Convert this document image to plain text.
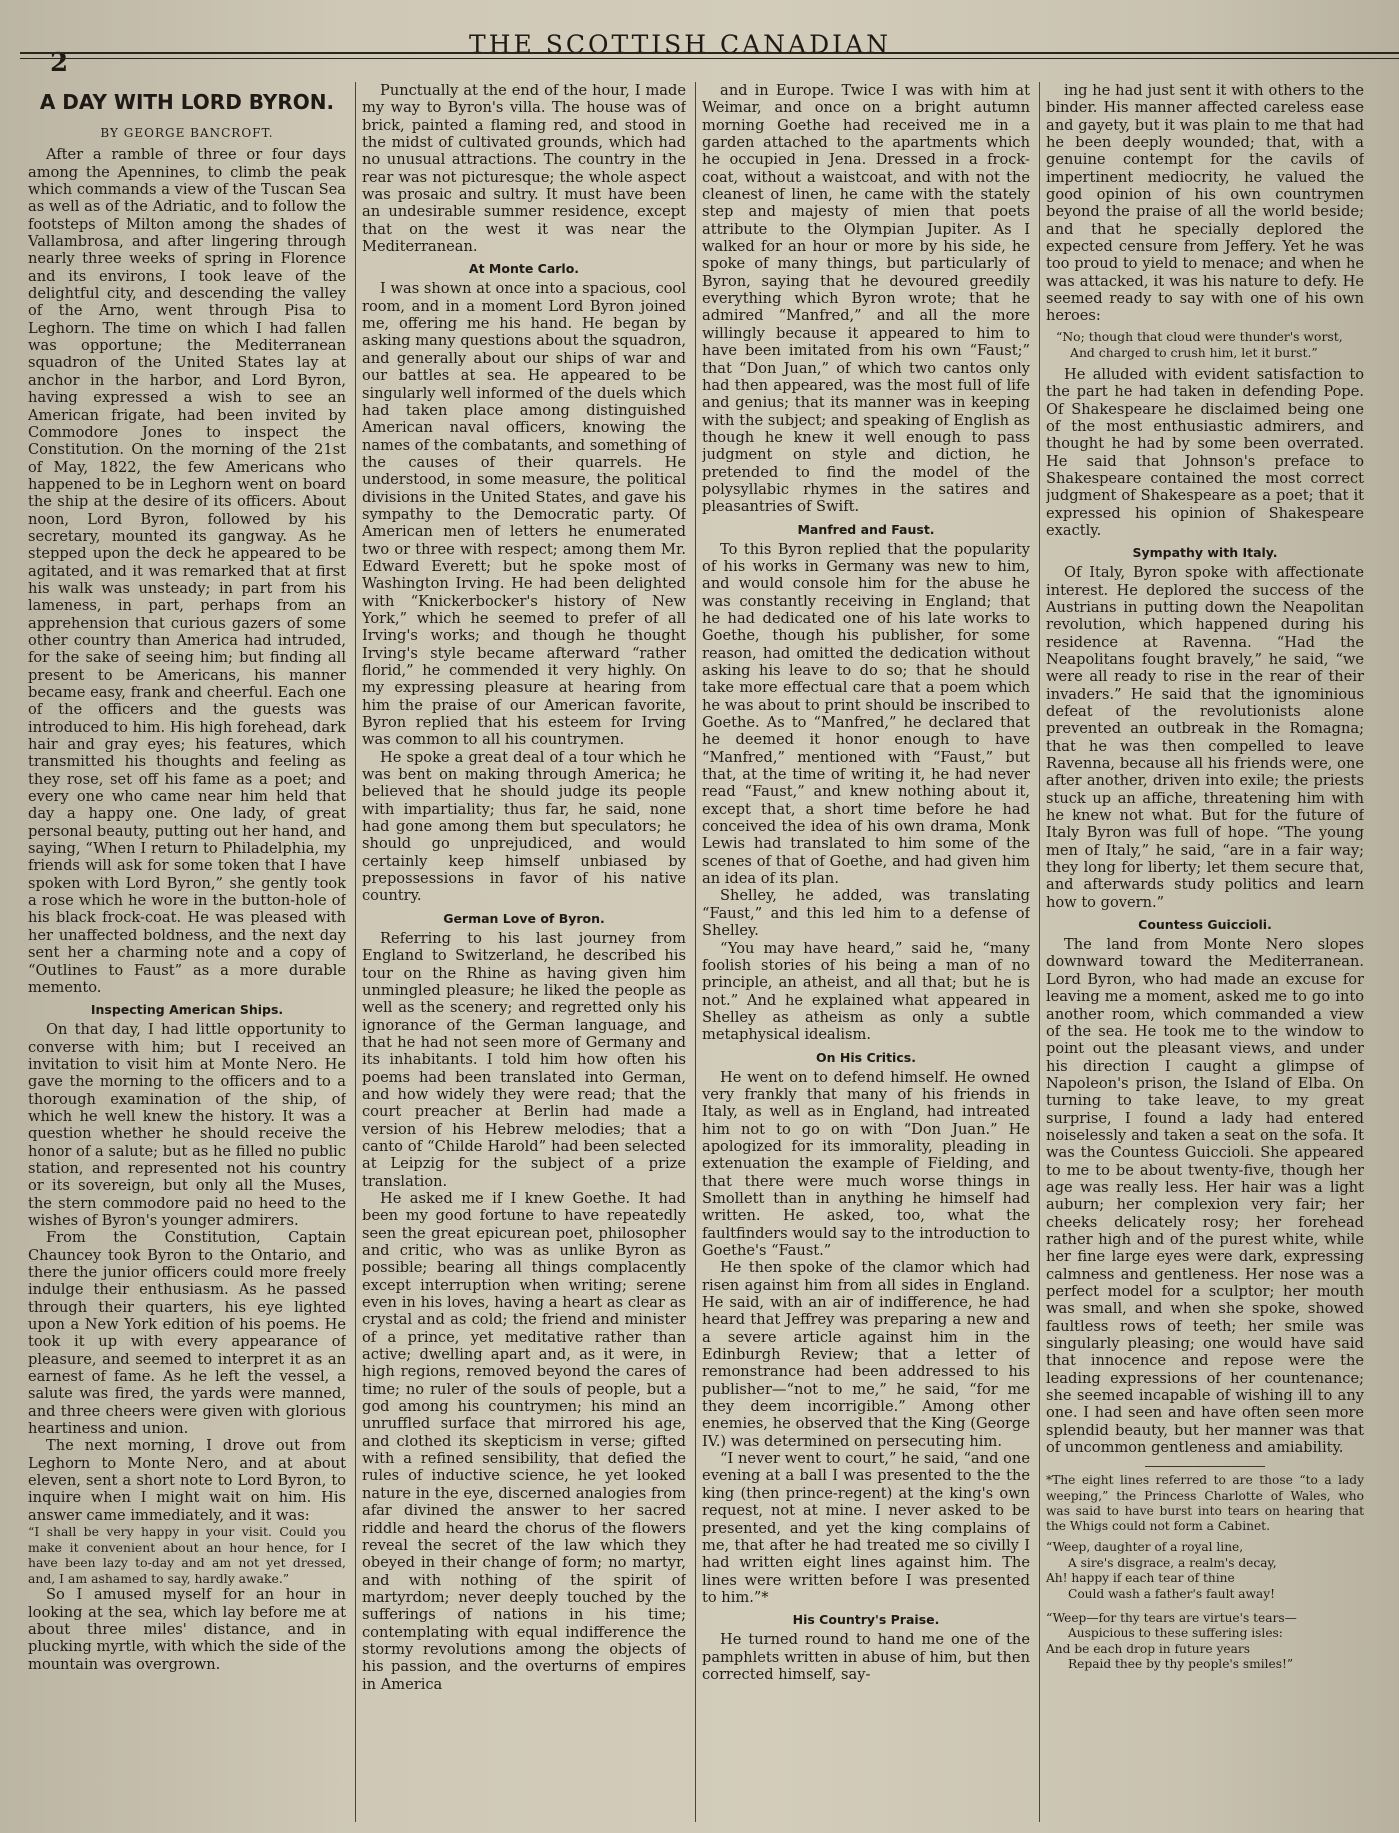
2
THE SCOTTISH CANADIAN
A DAY WITH LORD BYRON.
BY GEORGE BANCROFT.

After a ramble of three or four days among the Apennines, to climb the peak which commands a view of the Tuscan Sea as well as of the Adriatic, and to follow the footsteps of Milton among the shades of Vallambrosa, and after lingering through nearly three weeks of spring in Florence and its environs, I took leave of the delightful city, and descending the valley of the Arno, went through Pisa to Leghorn. The time on which I had fallen was opportune; the Mediterranean squadron of the United States lay at anchor in the harbor, and Lord Byron, having expressed a wish to see an American frigate, had been invited by Commodore Jones to inspect the Constitution. On the morning of the 21st of May, 1822, the few Americans who happened to be in Leghorn went on board the ship at the desire of its officers. About noon, Lord Byron, followed by his secretary, mounted its gangway. As he stepped upon the deck he appeared to be agitated, and it was remarked that at first his walk was unsteady; in part from his lameness, in part, perhaps from an apprehension that curious gazers of some other country than America had intruded, for the sake of seeing him; but finding all present to be Americans, his manner became easy, frank and cheerful. Each one of the officers and the guests was introduced to him. His high forehead, dark hair and gray eyes; his features, which transmitted his thoughts and feeling as they rose, set off his fame as a poet; and every one who came near him held that day a happy one. One lady, of great personal beauty, putting out her hand, and saying, “When I return to Philadelphia, my friends will ask for some token that I have spoken with Lord Byron,” she gently took a rose which he wore in the button-hole of his black frock-coat. He was pleased with her unaffected boldness, and the next day sent her a charming note and a copy of “Outlines to Faust” as a more durable memento.

Inspecting American Ships.

On that day, I had little opportunity to converse with him; but I received an invitation to visit him at Monte Nero. He gave the morning to the officers and to a thorough examination of the ship, of which he well knew the history. It was a question whether he should receive the honor of a salute; but as he filled no public station, and represented not his country or its sovereign, but only all the Muses, the stern commodore paid no heed to the wishes of Byron's younger admirers.

From the Constitution, Captain Chauncey took Byron to the Ontario, and there the junior officers could more freely indulge their enthusiasm. As he passed through their quarters, his eye lighted upon a New York edition of his poems. He took it up with every appearance of pleasure, and seemed to interpret it as an earnest of fame. As he left the vessel, a salute was fired, the yards were manned, and three cheers were given with glorious heartiness and union.

The next morning, I drove out from Leghorn to Monte Nero, and at about eleven, sent a short note to Lord Byron, to inquire when I might wait on him. His answer came immediately, and it was:

“I shall be very happy in your visit. Could you make it convenient about an hour hence, for I have been lazy to-day and am not yet dressed, and, I am ashamed to say, hardly awake.”

So I amused myself for an hour in looking at the sea, which lay before me at about three miles' distance, and in plucking myrtle, with which the side of the mountain was overgrown.

Punctually at the end of the hour, I made my way to Byron's villa. The house was of brick, painted a flaming red, and stood in the midst of cultivated grounds, which had no unusual attractions. The country in the rear was not picturesque; the whole aspect was prosaic and sultry. It must have been an undesirable summer residence, except that on the west it was near the Mediterranean.

At Monte Carlo.

I was shown at once into a spacious, cool room, and in a moment Lord Byron joined me, offering me his hand. He began by asking many questions about the squadron, and generally about our ships of war and our battles at sea. He appeared to be singularly well informed of the duels which had taken place among distinguished American naval officers, knowing the names of the combatants, and something of the causes of their quarrels. He understood, in some measure, the political divisions in the United States, and gave his sympathy to the Democratic party. Of American men of letters he enumerated two or three with respect; among them Mr. Edward Everett; but he spoke most of Washington Irving. He had been delighted with “Knickerbocker's history of New York,” which he seemed to prefer of all Irving's works; and though he thought Irving's style became afterward “rather florid,” he commended it very highly. On my expressing pleasure at hearing from him the praise of our American favorite, Byron replied that his esteem for Irving was common to all his countrymen.

He spoke a great deal of a tour which he was bent on making through America; he believed that he should judge its people with impartiality; thus far, he said, none had gone among them but speculators; he should go unprejudiced, and would certainly keep himself unbiased by prepossessions in favor of his native country.

German Love of Byron.

Referring to his last journey from England to Switzerland, he described his tour on the Rhine as having given him unmingled pleasure; he liked the people as well as the scenery; and regretted only his ignorance of the German language, and that he had not seen more of Germany and its inhabitants. I told him how often his poems had been translated into German, and how widely they were read; that the court preacher at Berlin had made a version of his Hebrew melodies; that a canto of “Childe Harold” had been selected at Leipzig for the subject of a prize translation.

He asked me if I knew Goethe. It had been my good fortune to have repeatedly seen the great epicurean poet, philosopher and critic, who was as unlike Byron as possible; bearing all things complacently except interruption when writing; serene even in his loves, having a heart as clear as crystal and as cold; the friend and minister of a prince, yet meditative rather than active; dwelling apart and, as it were, in high regions, removed beyond the cares of time; no ruler of the souls of people, but a god among his countrymen; his mind an unruffled surface that mirrored his age, and clothed its skepticism in verse; gifted with a refined sensibility, that defied the rules of inductive science, he yet looked nature in the eye, discerned analogies from afar divined the answer to her sacred riddle and heard the chorus of the flowers reveal the secret of the law which they obeyed in their change of form; no martyr, and with nothing of the spirit of martyrdom; never deeply touched by the sufferings of nations in his time; contemplating with equal indifference the stormy revolutions among the objects of his passion, and the overturns of empires in America

and in Europe. Twice I was with him at Weimar, and once on a bright autumn morning Goethe had received me in a garden attached to the apartments which he occupied in Jena. Dressed in a frock-coat, without a waistcoat, and with not the cleanest of linen, he came with the stately step and majesty of mien that poets attribute to the Olympian Jupiter. As I walked for an hour or more by his side, he spoke of many things, but particularly of Byron, saying that he devoured greedily everything which Byron wrote; that he admired “Manfred,” and all the more willingly because it appeared to him to have been imitated from his own “Faust;” that “Don Juan,” of which two cantos only had then appeared, was the most full of life and genius; that its manner was in keeping with the subject; and speaking of English as though he knew it well enough to pass judgment on style and diction, he pretended to find the model of the polysyllabic rhymes in the satires and pleasantries of Swift.

Manfred and Faust.

To this Byron replied that the popularity of his works in Germany was new to him, and would console him for the abuse he was constantly receiving in England; that he had dedicated one of his late works to Goethe, though his publisher, for some reason, had omitted the dedication without asking his leave to do so; that he should take more effectual care that a poem which he was about to print should be inscribed to Goethe. As to “Manfred,” he declared that he deemed it honor enough to have “Manfred,” mentioned with “Faust,” but that, at the time of writing it, he had never read “Faust,” and knew nothing about it, except that, a short time before he had conceived the idea of his own drama, Monk Lewis had translated to him some of the scenes of that of Goethe, and had given him an idea of its plan.

Shelley, he added, was translating “Faust,” and this led him to a defense of Shelley.

“You may have heard,” said he, “many foolish stories of his being a man of no principle, an atheist, and all that; but he is not.” And he explained what appeared in Shelley as atheism as only a subtle metaphysical idealism.

On His Critics.

He went on to defend himself. He owned very frankly that many of his friends in Italy, as well as in England, had intreated him not to go on with “Don Juan.” He apologized for its immorality, pleading in extenuation the example of Fielding, and that there were much worse things in Smollett than in anything he himself had written. He asked, too, what the faultfinders would say to the introduction to Goethe's “Faust.”

He then spoke of the clamor which had risen against him from all sides in England. He said, with an air of indifference, he had heard that Jeffrey was preparing a new and a severe article against him in the Edinburgh Review; that a letter of remonstrance had been addressed to his publisher—“not to me,” he said, “for me they deem incorrigible.” Among other enemies, he observed that the King (George IV.) was determined on persecuting him.

“I never went to court,” he said, “and one evening at a ball I was presented to the the king (then prince-regent) at the king's own request, not at mine. I never asked to be presented, and yet the king complains of me, that after he had treated me so civilly I had written eight lines against him. The lines were written before I was presented to him.”*

His Country's Praise.

He turned round to hand me one of the pamphlets written in abuse of him, but then corrected himself, say-

ing he had just sent it with others to the binder. His manner affected careless ease and gayety, but it was plain to me that had he been deeply wounded; that, with a genuine contempt for the cavils of impertinent mediocrity, he valued the good opinion of his own countrymen beyond the praise of all the world beside; and that he specially deplored the expected censure from Jeffery. Yet he was too proud to yield to menace; and when he was attacked, it was his nature to defy. He seemed ready to say with one of his own heroes:

“No; though that cloud were thunder's worst,
And charged to crush him, let it burst.”

He alluded with evident satisfaction to the part he had taken in defending Pope. Of Shakespeare he disclaimed being one of the most enthusiastic admirers, and thought he had by some been overrated. He said that Johnson's preface to Shakespeare contained the most correct judgment of Shakespeare as a poet; that it expressed his opinion of Shakespeare exactly.

Sympathy with Italy.

Of Italy, Byron spoke with affectionate interest. He deplored the success of the Austrians in putting down the Neapolitan revolution, which happened during his residence at Ravenna. “Had the Neapolitans fought bravely,” he said, “we were all ready to rise in the rear of their invaders.” He said that the ignominious defeat of the revolutionists alone prevented an outbreak in the Romagna; that he was then compelled to leave Ravenna, because all his friends were, one after another, driven into exile; the priests stuck up an affiche, threatening him with he knew not what. But for the future of Italy Byron was full of hope. “The young men of Italy,” he said, “are in a fair way; they long for liberty; let them secure that, and afterwards study politics and learn how to govern.”

Countess Guiccioli.

The land from Monte Nero slopes downward toward the Mediterranean. Lord Byron, who had made an excuse for leaving me a moment, asked me to go into another room, which commanded a view of the sea. He took me to the window to point out the pleasant views, and under his direction I caught a glimpse of Napoleon's prison, the Island of Elba. On turning to take leave, to my great surprise, I found a lady had entered noiselessly and taken a seat on the sofa. It was the Countess Guiccioli. She appeared to me to be about twenty-five, though her age was really less. Her hair was a light auburn; her complexion very fair; her cheeks delicately rosy; her forehead rather high and of the purest white, while her fine large eyes were dark, expressing calmness and gentleness. Her nose was a perfect model for a sculptor; her mouth was small, and when she spoke, showed faultless rows of teeth; her smile was singularly pleasing; one would have said that innocence and repose were the leading expressions of her countenance; she seemed incapable of wishing ill to any one. I had seen and have often seen more splendid beauty, but her manner was that of uncommon gentleness and amiability.

*The eight lines referred to are those “to a lady weeping,” the Princess Charlotte of Wales, who was said to have burst into tears on hearing that the Whigs could not form a Cabinet.
“Weep, daughter of a royal line,
A sire's disgrace, a realm's decay,
Ah! happy if each tear of thine
Could wash a father's fault away!
“Weep—for thy tears are virtue's tears—
Auspicious to these suffering isles:
And be each drop in future years
Repaid thee by thy people's smiles!”
